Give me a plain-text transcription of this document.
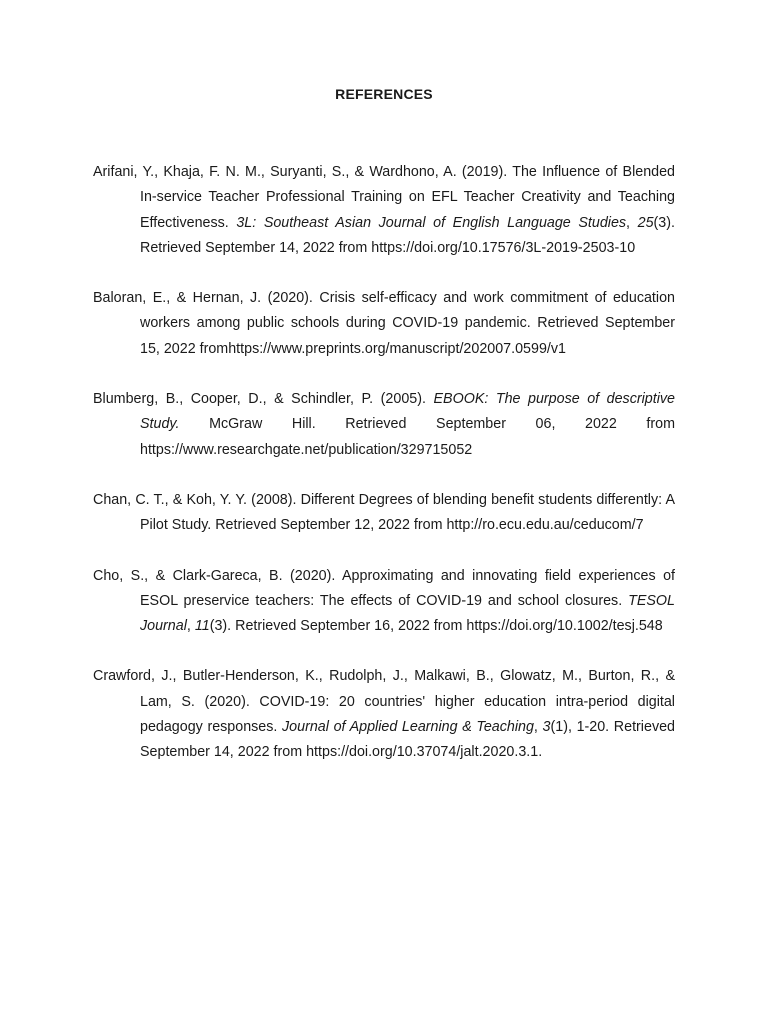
REFERENCES

Arifani, Y., Khaja, F. N. M., Suryanti, S., & Wardhono, A. (2019). The Influence of Blended In-service Teacher Professional Training on EFL Teacher Creativity and Teaching Effectiveness. 3L: Southeast Asian Journal of English Language Studies, 25(3). Retrieved September 14, 2022 from https://doi.org/10.17576/3L-2019-2503-10

Baloran, E., & Hernan, J. (2020). Crisis self-efficacy and work commitment of education workers among public schools during COVID-19 pandemic. Retrieved September 15, 2022 fromhttps://www.preprints.org/manuscript/202007.0599/v1

Blumberg, B., Cooper, D., & Schindler, P. (2005). EBOOK: The purpose of descriptive Study. McGraw Hill. Retrieved September 06, 2022 from https://www.researchgate.net/publication/329715052

Chan, C. T., & Koh, Y. Y. (2008). Different Degrees of blending benefit students differently: A Pilot Study. Retrieved September 12, 2022 from http://ro.ecu.edu.au/ceducom/7

Cho, S., & Clark-Gareca, B. (2020). Approximating and innovating field experiences of ESOL preservice teachers: The effects of COVID-19 and school closures. TESOL Journal, 11(3). Retrieved September 16, 2022 from https://doi.org/10.1002/tesj.548

Crawford, J., Butler-Henderson, K., Rudolph, J., Malkawi, B., Glowatz, M., Burton, R., & Lam, S. (2020). COVID-19: 20 countries' higher education intra-period digital pedagogy responses. Journal of Applied Learning & Teaching, 3(1), 1-20. Retrieved September 14, 2022 from https://doi.org/10.37074/jalt.2020.3.1.
